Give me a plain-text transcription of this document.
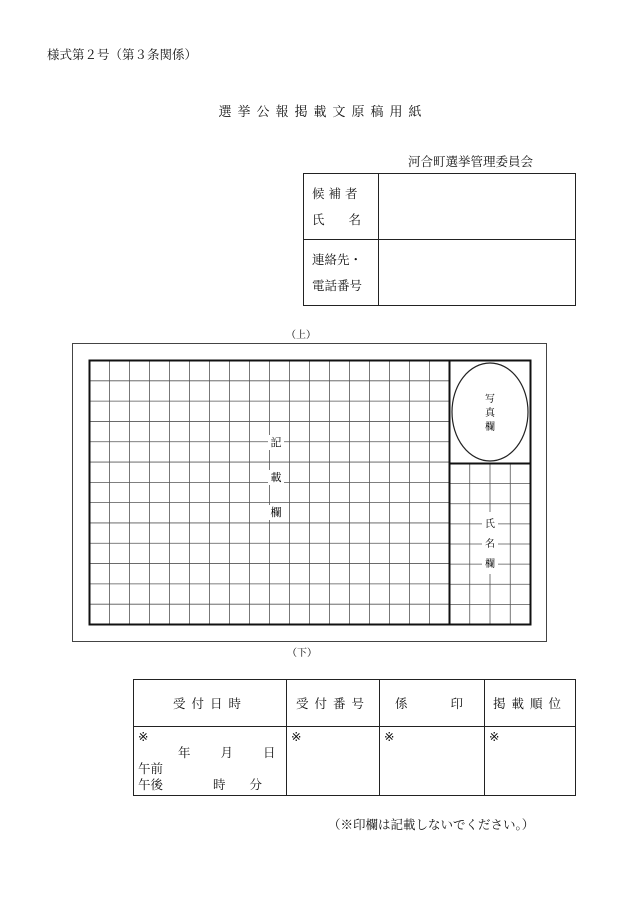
様式第２号（第３条関係）
選挙公報掲載文原稿用紙
河合町選挙管理委員会
候 補 者
氏 名	

連絡先・
電話番号	

（上）
記
載
欄
写
真
欄
氏
名
欄
（下）
受付日時	受付番号	係　　印	掲載順位

※
年 月 日
午前
午後 時 分	※	※	※
（※印欄は記載しないでください。）
